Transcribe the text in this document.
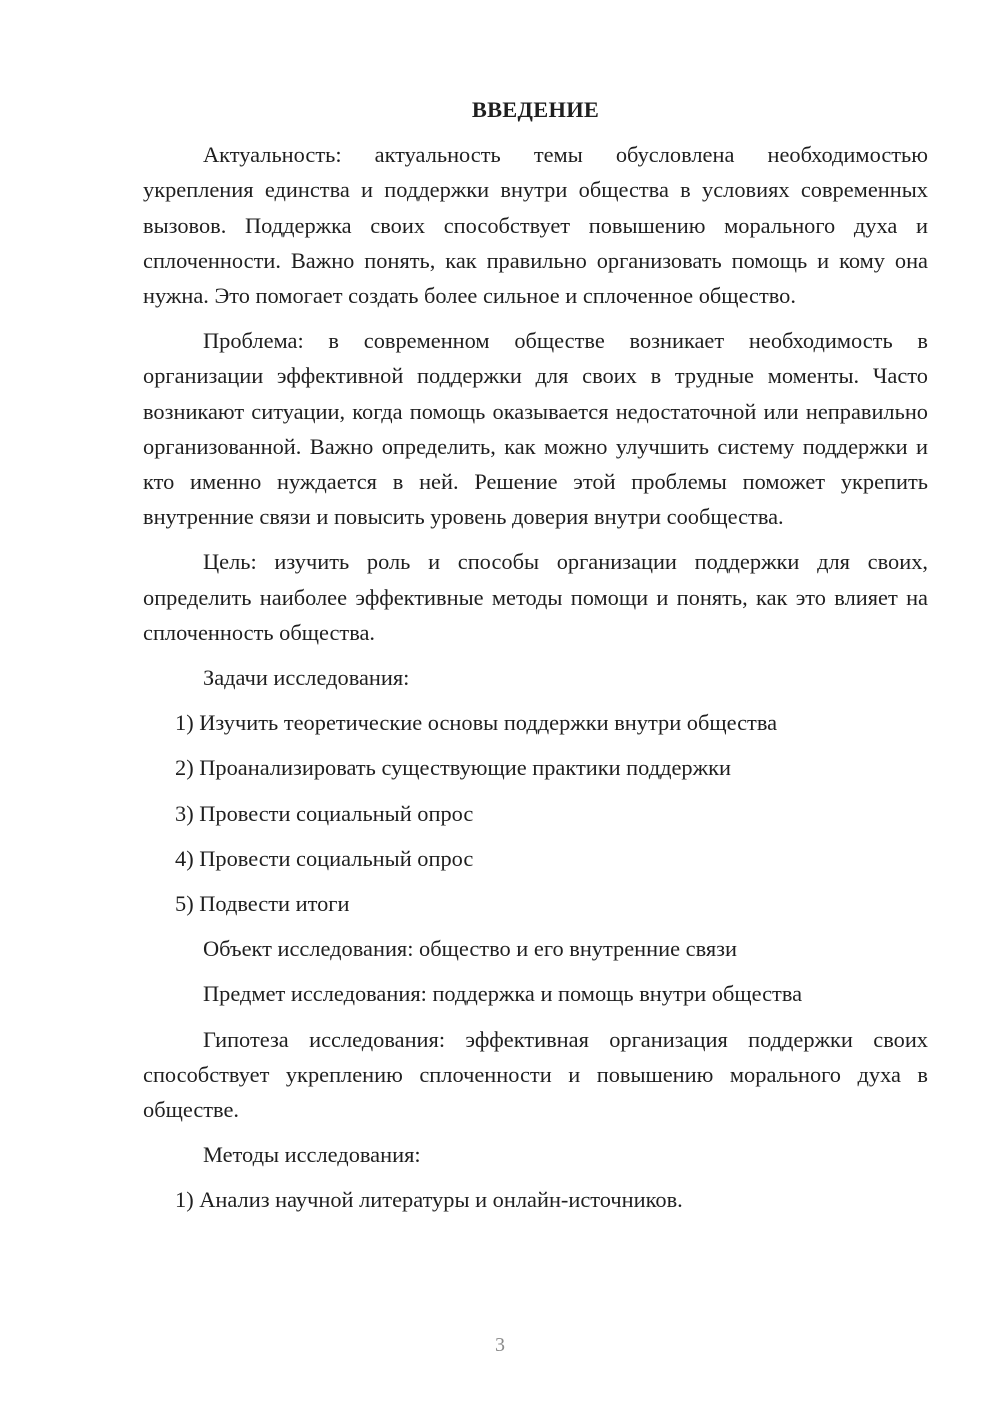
ВВЕДЕНИЕ

Актуальность: актуальность темы обусловлена необходимостью укрепления единства и поддержки внутри общества в условиях современных вызовов. Поддержка своих способствует повышению морального духа и сплоченности. Важно понять, как правильно организовать помощь и кому она нужна. Это помогает создать более сильное и сплоченное общество.

Проблема: в современном обществе возникает необходимость в организации эффективной поддержки для своих в трудные моменты. Часто возникают ситуации, когда помощь оказывается недостаточной или неправильно организованной. Важно определить, как можно улучшить систему поддержки и кто именно нуждается в ней. Решение этой проблемы поможет укрепить внутренние связи и повысить уровень доверия внутри сообщества.

Цель: изучить роль и способы организации поддержки для своих, определить наиболее эффективные методы помощи и понять, как это влияет на сплоченность общества.

Задачи исследования:

1) Изучить теоретические основы поддержки внутри общества

2) Проанализировать существующие практики поддержки

3) Провести социальный опрос

4) Провести социальный опрос

5) Подвести итоги

Объект исследования: общество и его внутренние связи

Предмет исследования: поддержка и помощь внутри общества

Гипотеза исследования: эффективная организация поддержки своих способствует укреплению сплоченности и повышению морального духа в обществе.

Методы исследования:

1) Анализ научной литературы и онлайн-источников.

3
